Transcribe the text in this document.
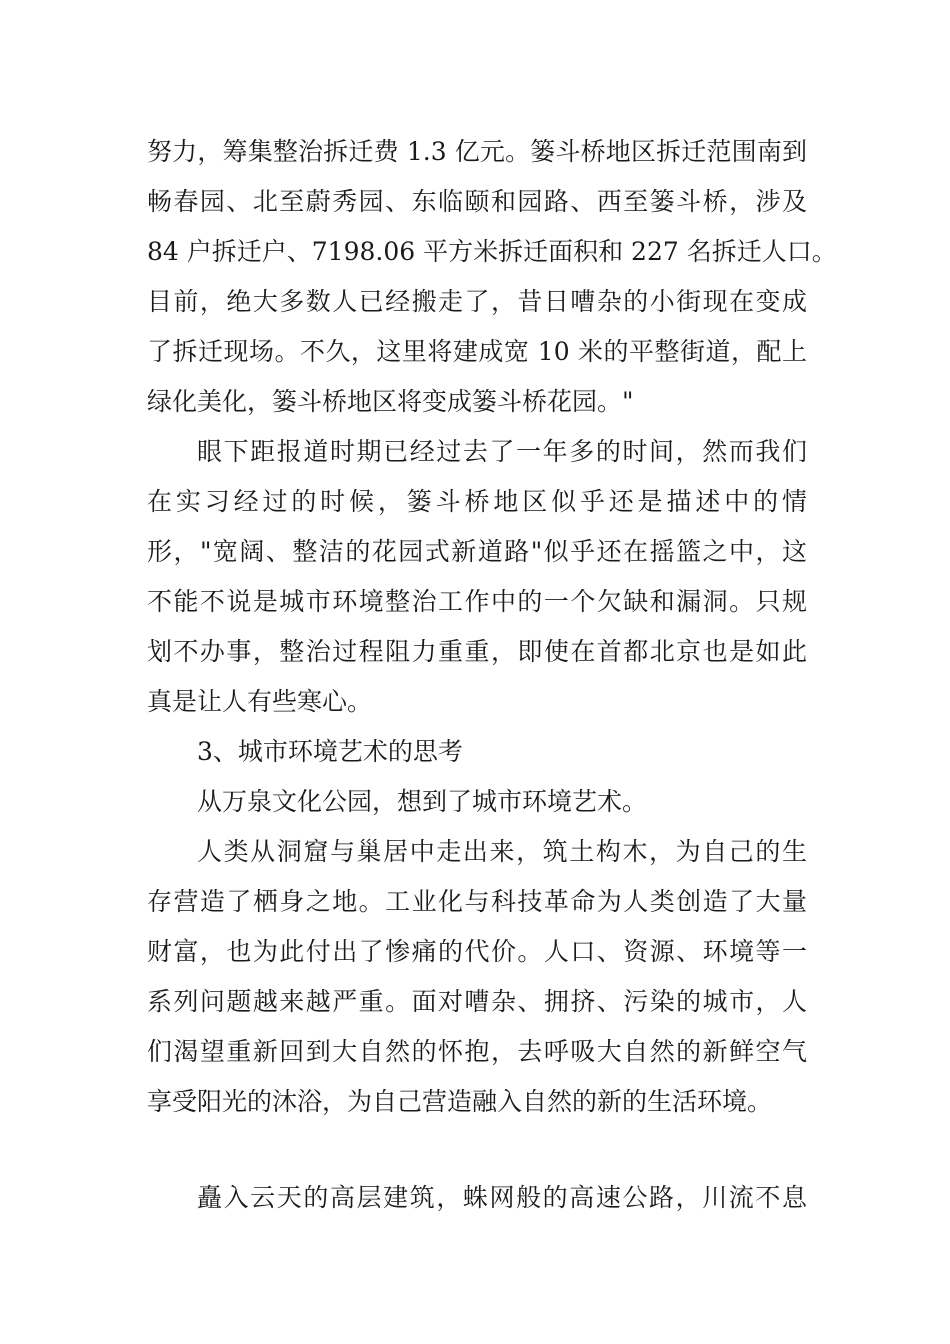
努力，筹集整治拆迁费 1.3 亿元。篓斗桥地区拆迁范围南到
畅春园、北至蔚秀园、东临颐和园路、西至篓斗桥，涉及
84 户拆迁户、7198.06 平方米拆迁面积和 227 名拆迁人口。
目前，绝大多数人已经搬走了，昔日嘈杂的小街现在变成
了拆迁现场。不久，这里将建成宽 10 米的平整街道，配上
绿化美化，篓斗桥地区将变成篓斗桥花园。"
眼下距报道时期已经过去了一年多的时间，然而我们
在实习经过的时候，篓斗桥地区似乎还是描述中的情
形，"宽阔、整洁的花园式新道路"似乎还在摇篮之中，这
不能不说是城市环境整治工作中的一个欠缺和漏洞。只规
划不办事，整治过程阻力重重，即使在首都北京也是如此
真是让人有些寒心。
3、城市环境艺术的思考
从万泉文化公园，想到了城市环境艺术。
人类从洞窟与巢居中走出来，筑土构木，为自己的生
存营造了栖身之地。工业化与科技革命为人类创造了大量
财富，也为此付出了惨痛的代价。人口、资源、环境等一
系列问题越来越严重。面对嘈杂、拥挤、污染的城市，人
们渴望重新回到大自然的怀抱，去呼吸大自然的新鲜空气
享受阳光的沐浴，为自己营造融入自然的新的生活环境。
矗入云天的高层建筑，蛛网般的高速公路，川流不息
